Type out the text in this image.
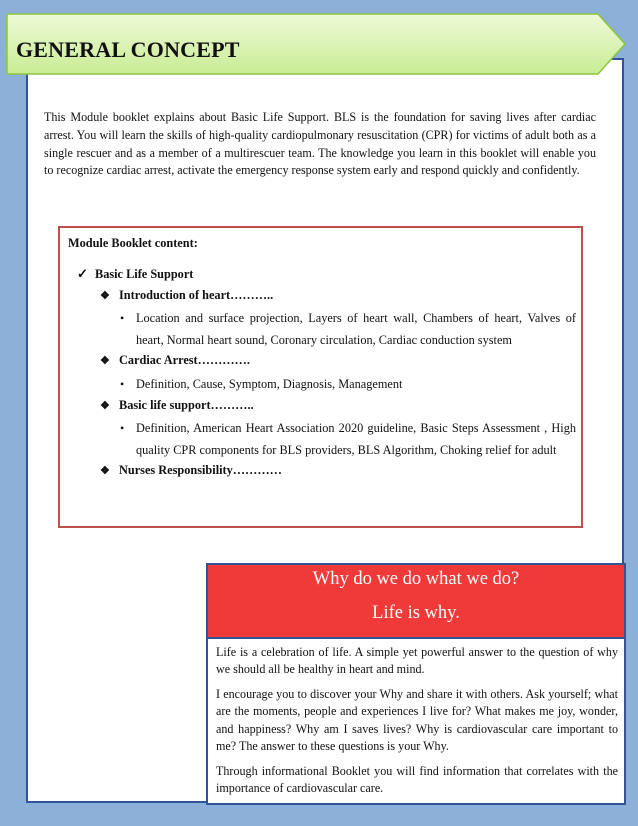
GENERAL CONCEPT

This Module booklet explains about Basic Life Support. BLS is the foundation for saving lives after cardiac arrest. You will learn the skills of high-quality cardiopulmonary resuscitation (CPR) for victims of adult both as a single rescuer and as a member of a multirescuer team. The knowledge you learn in this booklet will enable you to recognize cardiac arrest, activate the emergency response system early and respond quickly and confidently.

Module Booklet content:
✓ Basic Life Support
❖ Introduction of heart………..
• Location and surface projection, Layers of heart wall, Chambers of heart, Valves of heart, Normal heart sound, Coronary circulation, Cardiac conduction system
❖ Cardiac Arrest………….
• Definition, Cause, Symptom, Diagnosis, Management
❖ Basic life support………..
• Definition, American Heart Association 2020 guideline, Basic Steps Assessment , High quality CPR components for BLS providers, BLS Algorithm, Choking relief for adult
❖ Nurses Responsibility…………
Why do we do what we do?
Life is why.

Life is a celebration of life. A simple yet powerful answer to the question of why we should all be healthy in heart and mind.

I encourage you to discover your Why and share it with others. Ask yourself; what are the moments, people and experiences I live for? What makes me joy, wonder, and happiness? Why am I saves lives? Why is cardiovascular care important to me? The answer to these questions is your Why.

Through informational Booklet you will find information that correlates with the importance of cardiovascular care.
